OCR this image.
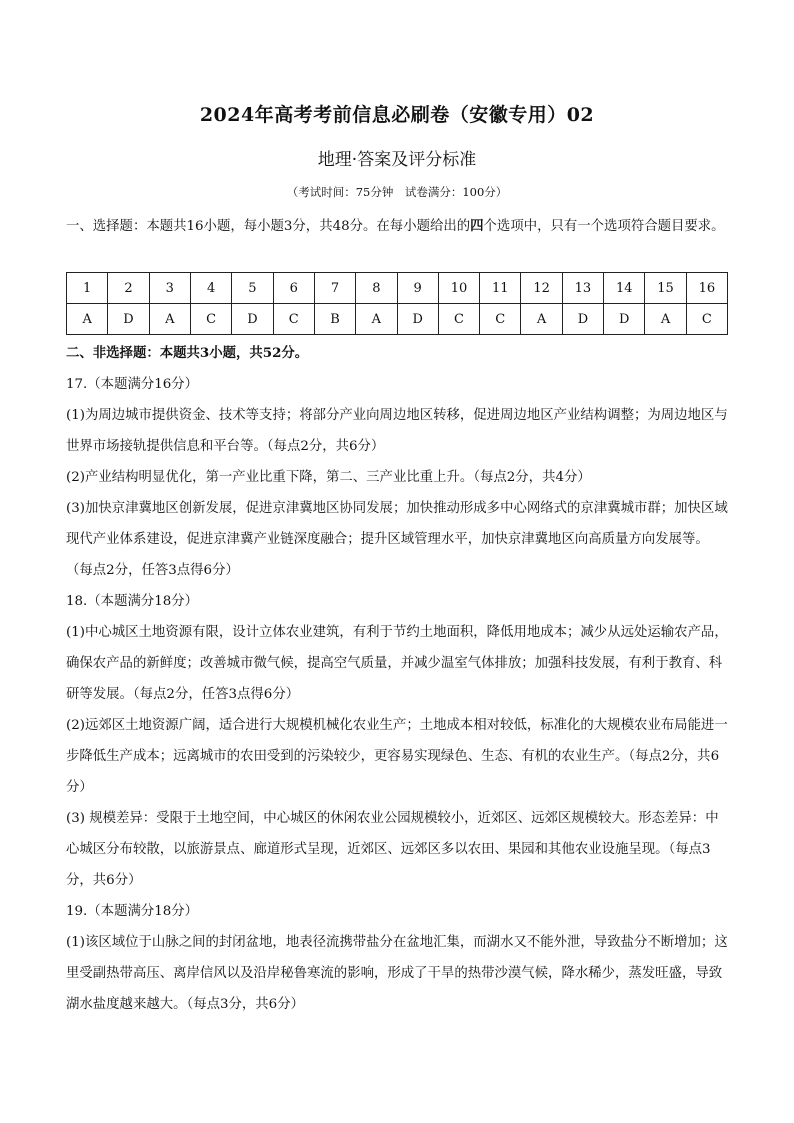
2024年高考考前信息必刷卷（安徽专用）02
地理·答案及评分标准
（考试时间：75分钟　试卷满分：100分）

一、选择题：本题共16小题，每小题3分，共48分。在每小题给出的四个选项中，只有一个选项符合题目要求。

1	2	3	4	5	6	7	8	9	10	11	12	13	14	15	16
A	D	A	C	D	C	B	A	D	C	C	A	D	D	A	C

二、非选择题：本题共3小题，共52分。

17.（本题满分16分）

(1)为周边城市提供资金、技术等支持；将部分产业向周边地区转移，促进周边地区产业结构调整；为周边地区与世界市场接轨提供信息和平台等。（每点2分，共6分）

(2)产业结构明显优化，第一产业比重下降，第二、三产业比重上升。（每点2分，共4分）

(3)加快京津冀地区创新发展，促进京津冀地区协同发展；加快推动形成多中心网络式的京津冀城市群；加快区域现代产业体系建设，促进京津冀产业链深度融合；提升区域管理水平，加快京津冀地区向高质量方向发展等。（每点2分，任答3点得6分）

18.（本题满分18分）

(1)中心城区土地资源有限，设计立体农业建筑，有利于节约土地面积，降低用地成本；减少从远处运输农产品，确保农产品的新鲜度；改善城市微气候，提高空气质量，并减少温室气体排放；加强科技发展，有利于教育、科研等发展。（每点2分，任答3点得6分）

(2)远郊区土地资源广阔，适合进行大规模机械化农业生产；土地成本相对较低，标准化的大规模农业布局能进一步降低生产成本；远离城市的农田受到的污染较少，更容易实现绿色、生态、有机的农业生产。（每点2分，共6分）

(3) 规模差异：受限于土地空间，中心城区的休闲农业公园规模较小，近郊区、远郊区规模较大。形态差异：中心城区分布较散，以旅游景点、廊道形式呈现，近郊区、远郊区多以农田、果园和其他农业设施呈现。（每点3分，共6分）

19.（本题满分18分）

(1)该区域位于山脉之间的封闭盆地，地表径流携带盐分在盆地汇集，而湖水又不能外泄，导致盐分不断增加；这里受副热带高压、离岸信风以及沿岸秘鲁寒流的影响，形成了干旱的热带沙漠气候，降水稀少，蒸发旺盛，导致湖水盐度越来越大。（每点3分，共6分）
